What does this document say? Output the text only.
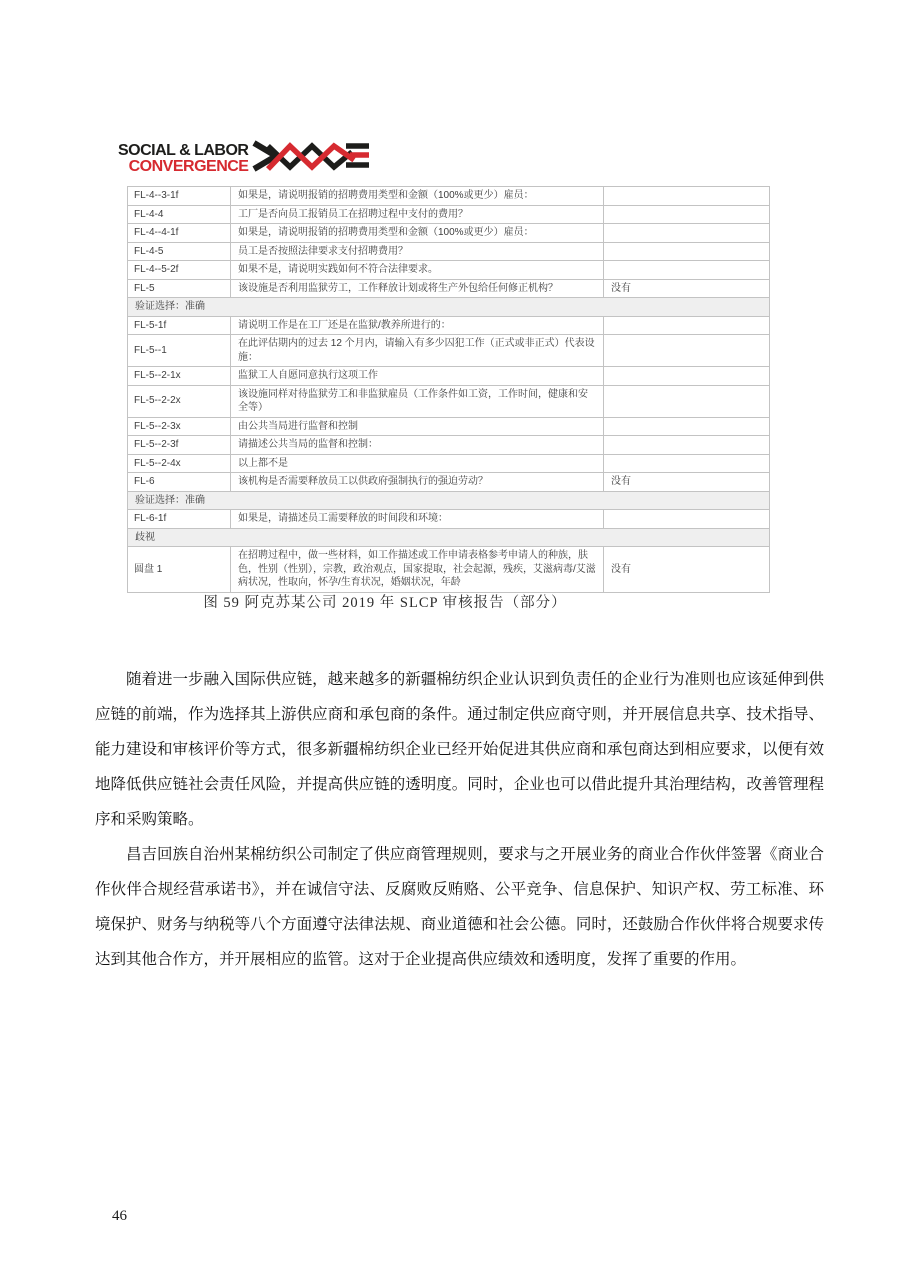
SOCIAL & LABOR
CONVERGENCE
FL-4--3-1f	如果是，请说明报销的招聘费用类型和金额（100%或更少）雇员：	
FL-4-4	工厂是否向员工报销员工在招聘过程中支付的费用？	
FL-4--4-1f	如果是，请说明报销的招聘费用类型和金额（100%或更少）雇员：	
FL-4-5	员工是否按照法律要求支付招聘费用？	
FL-4--5-2f	如果不是，请说明实践如何不符合法律要求。	
FL-5	该设施是否利用监狱劳工，工作释放计划或将生产外包给任何修正机构？	没有
验证选择：准确		
FL-5-1f	请说明工作是在工厂还是在监狱/教养所进行的：	
FL-5--1	在此评估期内的过去 12 个月内，请输入有多少囚犯工作（正式或非正式）代表设施：	
FL-5--2-1x	监狱工人自愿同意执行这项工作	
FL-5--2-2x	该设施同样对待监狱劳工和非监狱雇员（工作条件如工资，工作时间，健康和安全等）	
FL-5--2-3x	由公共当局进行监督和控制	
FL-5--2-3f	请描述公共当局的监督和控制：	
FL-5--2-4x	以上都不是	
FL-6	该机构是否需要释放员工以供政府强制执行的强迫劳动？	没有
验证选择：准确		
FL-6-1f	如果是，请描述员工需要释放的时间段和环境：	
歧视		
圆盘 1	在招聘过程中，做一些材料，如工作描述或工作申请表格参考申请人的种族，肤色，性别（性别），宗教，政治观点，国家提取，社会起源，残疾，艾滋病毒/艾滋病状况，性取向，怀孕/生育状况，婚姻状况，年龄	没有
图 59 阿克苏某公司 2019 年 SLCP 审核报告（部分）

随着进一步融入国际供应链，越来越多的新疆棉纺织企业认识到负责任的企业行为准则也应该延伸到供应链的前端，作为选择其上游供应商和承包商的条件。通过制定供应商守则，并开展信息共享、技术指导、能力建设和审核评价等方式，很多新疆棉纺织企业已经开始促进其供应商和承包商达到相应要求，以便有效地降低供应链社会责任风险，并提高供应链的透明度。同时，企业也可以借此提升其治理结构，改善管理程序和采购策略。

昌吉回族自治州某棉纺织公司制定了供应商管理规则，要求与之开展业务的商业合作伙伴签署《商业合作伙伴合规经营承诺书》，并在诚信守法、反腐败反贿赂、公平竞争、信息保护、知识产权、劳工标准、环境保护、财务与纳税等八个方面遵守法律法规、商业道德和社会公德。同时，还鼓励合作伙伴将合规要求传达到其他合作方，并开展相应的监管。这对于企业提高供应绩效和透明度，发挥了重要的作用。

46
